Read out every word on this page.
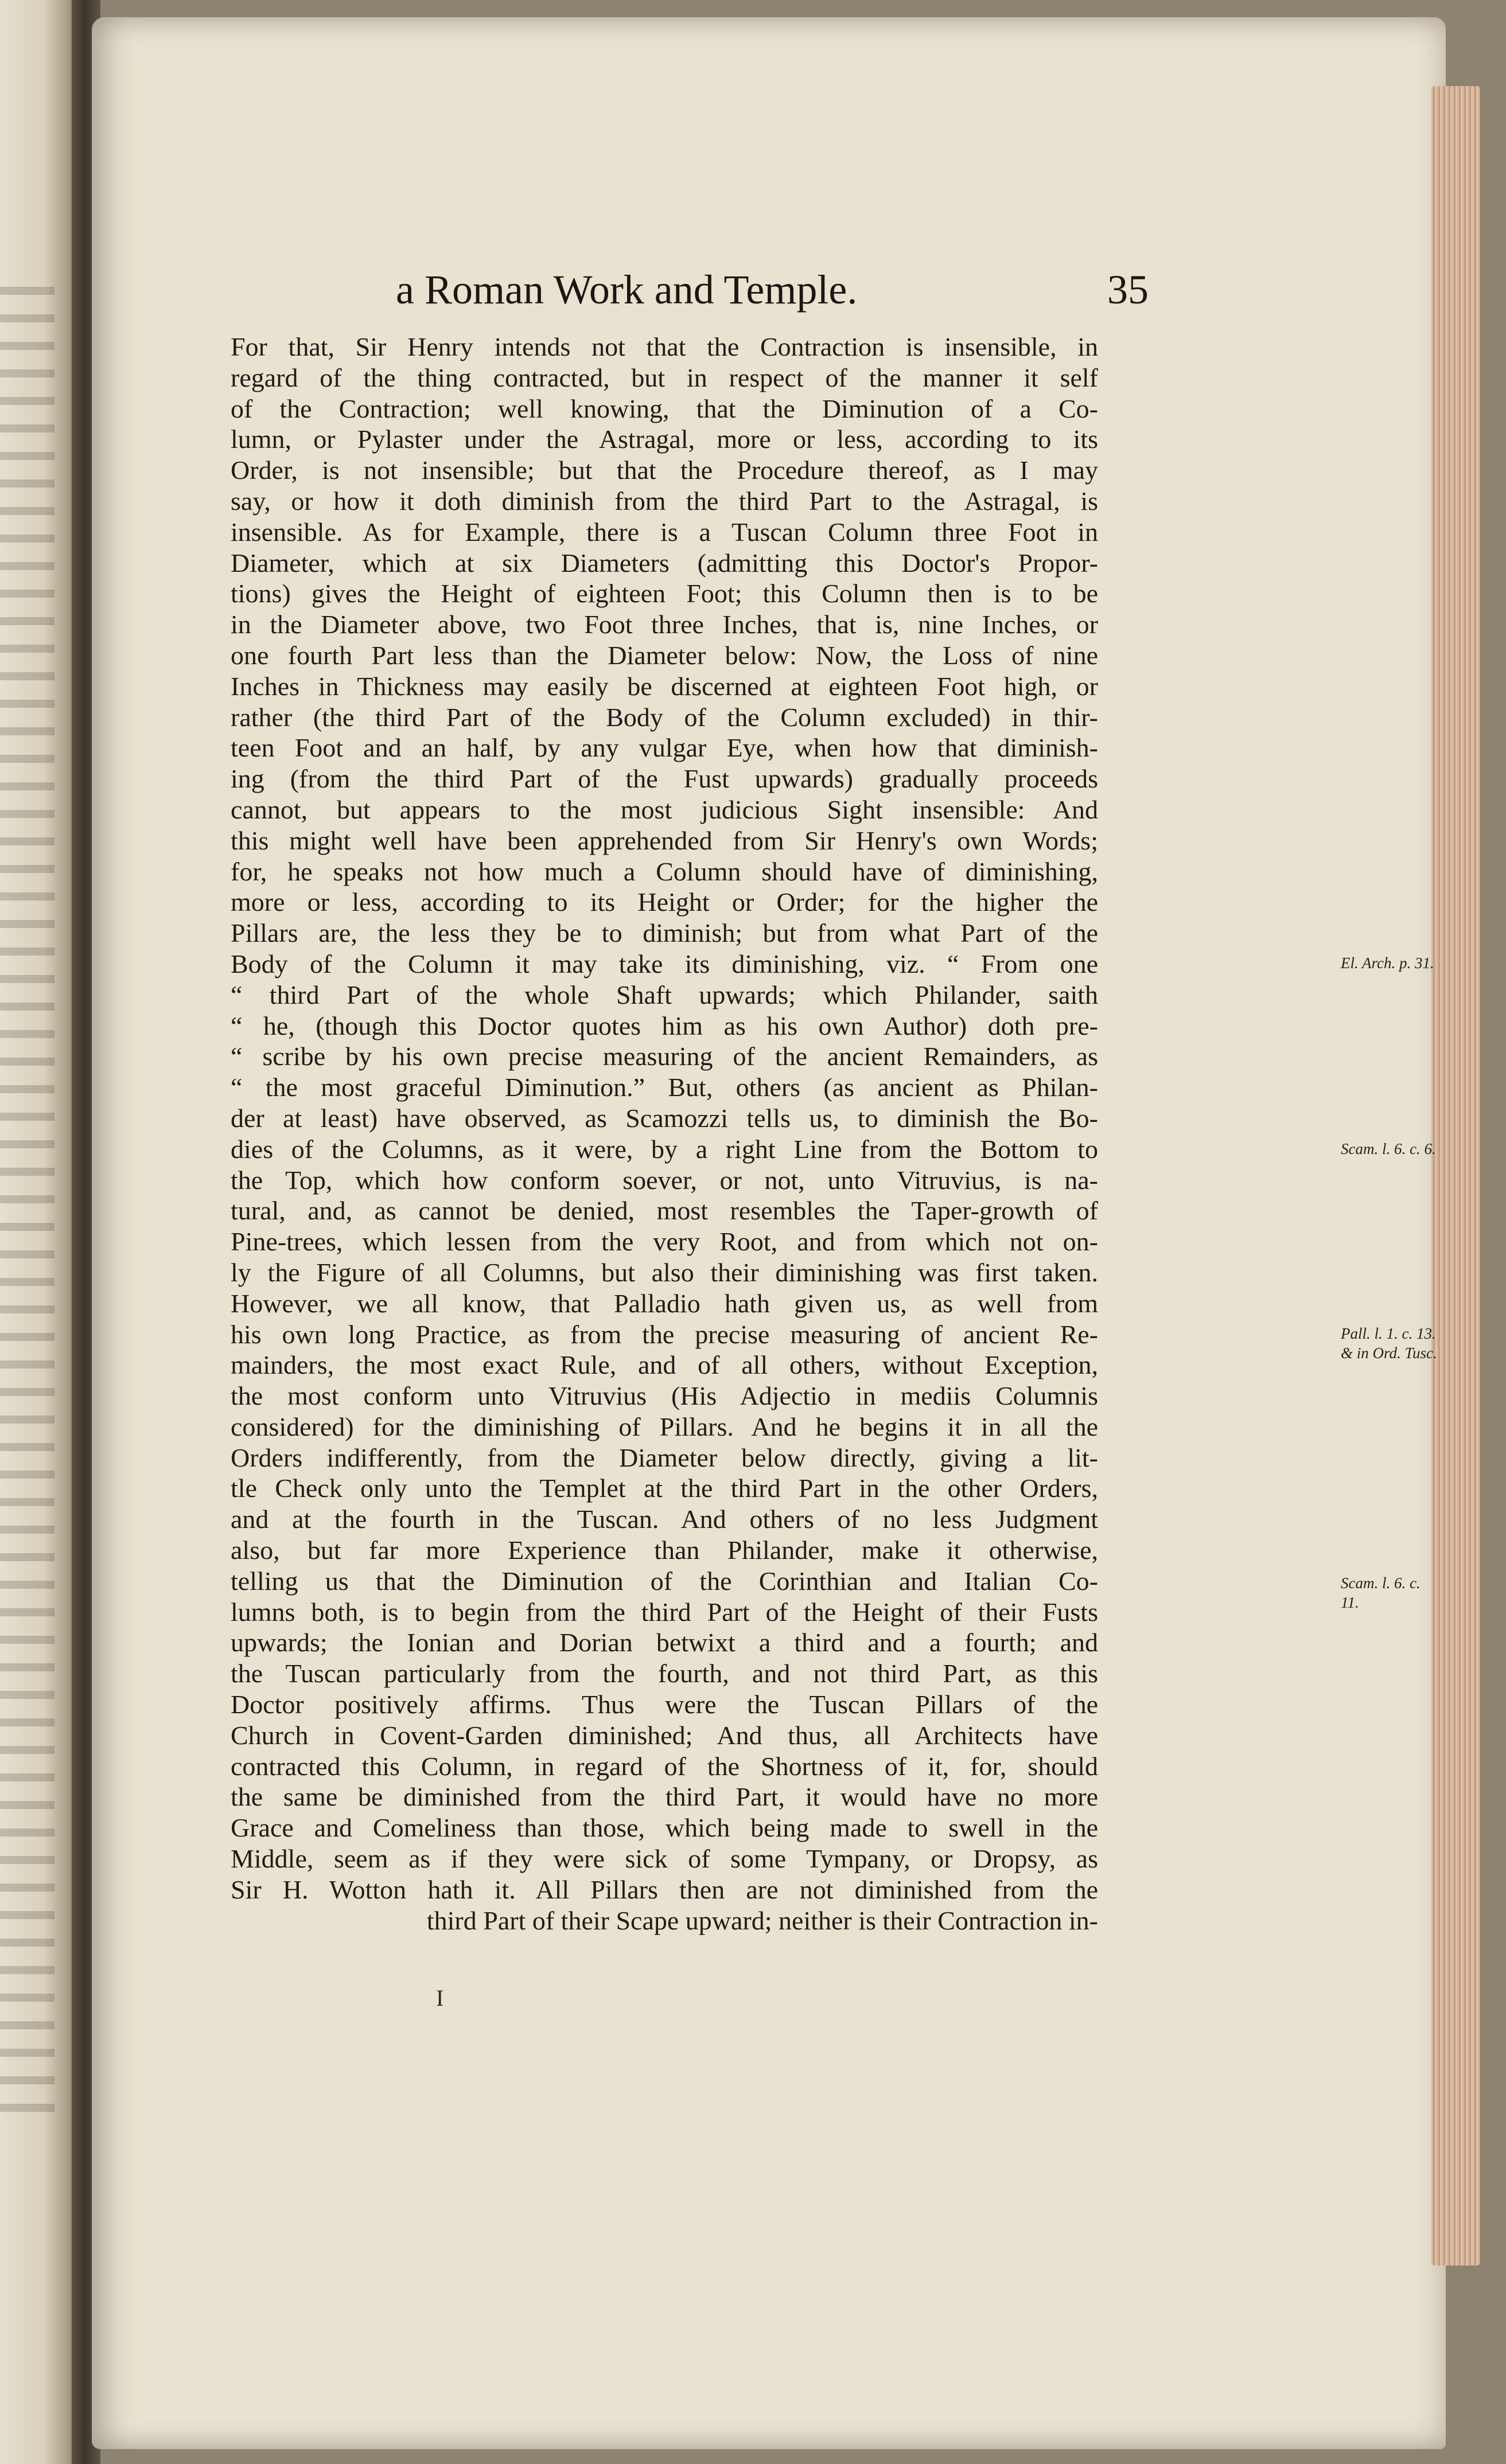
a Roman Work and Temple.	35
For that, Sir Henry intends not that the Contraction is insensible, in
regard of the thing contracted, but in respect of the manner it self
of the Contraction; well knowing, that the Diminution of a Co-
lumn, or Pylaster under the Astragal, more or less, according to its
Order, is not insensible; but that the Procedure thereof, as I may
say, or how it doth diminish from the third Part to the Astragal, is
insensible. As for Example, there is a Tuscan Column three Foot in
Diameter, which at six Diameters (admitting this Doctor's Propor-
tions) gives the Height of eighteen Foot; this Column then is to be
in the Diameter above, two Foot three Inches, that is, nine Inches, or
one fourth Part less than the Diameter below: Now, the Loss of nine
Inches in Thickness may easily be discerned at eighteen Foot high, or
rather (the third Part of the Body of the Column excluded) in thir-
teen Foot and an half, by any vulgar Eye, when how that diminish-
ing (from the third Part of the Fust upwards) gradually proceeds
cannot, but appears to the most judicious Sight insensible: And
this might well have been apprehended from Sir Henry's own Words;
for, he speaks not how much a Column should have of diminishing,
more or less, according to its Height or Order; for the higher the
Pillars are, the less they be to diminish; but from what Part of the
Body of the Column it may take its diminishing, viz. “ From one
“ third Part of the whole Shaft upwards; which Philander, saith
“ he, (though this Doctor quotes him as his own Author) doth pre-
“ scribe by his own precise measuring of the ancient Remainders, as
“ the most graceful Diminution.” But, others (as ancient as Philan-
der at least) have observed, as Scamozzi tells us, to diminish the Bo-
dies of the Columns, as it were, by a right Line from the Bottom to
the Top, which how conform soever, or not, unto Vitruvius, is na-
tural, and, as cannot be denied, most resembles the Taper-growth of
Pine-trees, which lessen from the very Root, and from which not on-
ly the Figure of all Columns, but also their diminishing was first taken.
However, we all know, that Palladio hath given us, as well from
his own long Practice, as from the precise measuring of ancient Re-
mainders, the most exact Rule, and of all others, without Exception,
the most conform unto Vitruvius (His Adjectio in mediis Columnis
considered) for the diminishing of Pillars. And he begins it in all the
Orders indifferently, from the Diameter below directly, giving a lit-
tle Check only unto the Templet at the third Part in the other Orders,
and at the fourth in the Tuscan. And others of no less Judgment
also, but far more Experience than Philander, make it otherwise,
telling us that the Diminution of the Corinthian and Italian Co-
lumns both, is to begin from the third Part of the Height of their Fusts
upwards; the Ionian and Dorian betwixt a third and a fourth; and
the Tuscan particularly from the fourth, and not third Part, as this
Doctor positively affirms. Thus were the Tuscan Pillars of the
Church in Covent-Garden diminished; And thus, all Architects have
contracted this Column, in regard of the Shortness of it, for, should
the same be diminished from the third Part, it would have no more
Grace and Comeliness than those, which being made to swell in the
Middle, seem as if they were sick of some Tympany, or Dropsy, as
Sir H. Wotton hath it. All Pillars then are not diminished from the
third Part of their Scape upward; neither is their Contraction in-
El. Arch. p. 31.
Scam. l. 6. c. 6.
Pall. l. 1. c. 13.
& in Ord. Tusc.
Scam. l. 6. c.
11.
I
